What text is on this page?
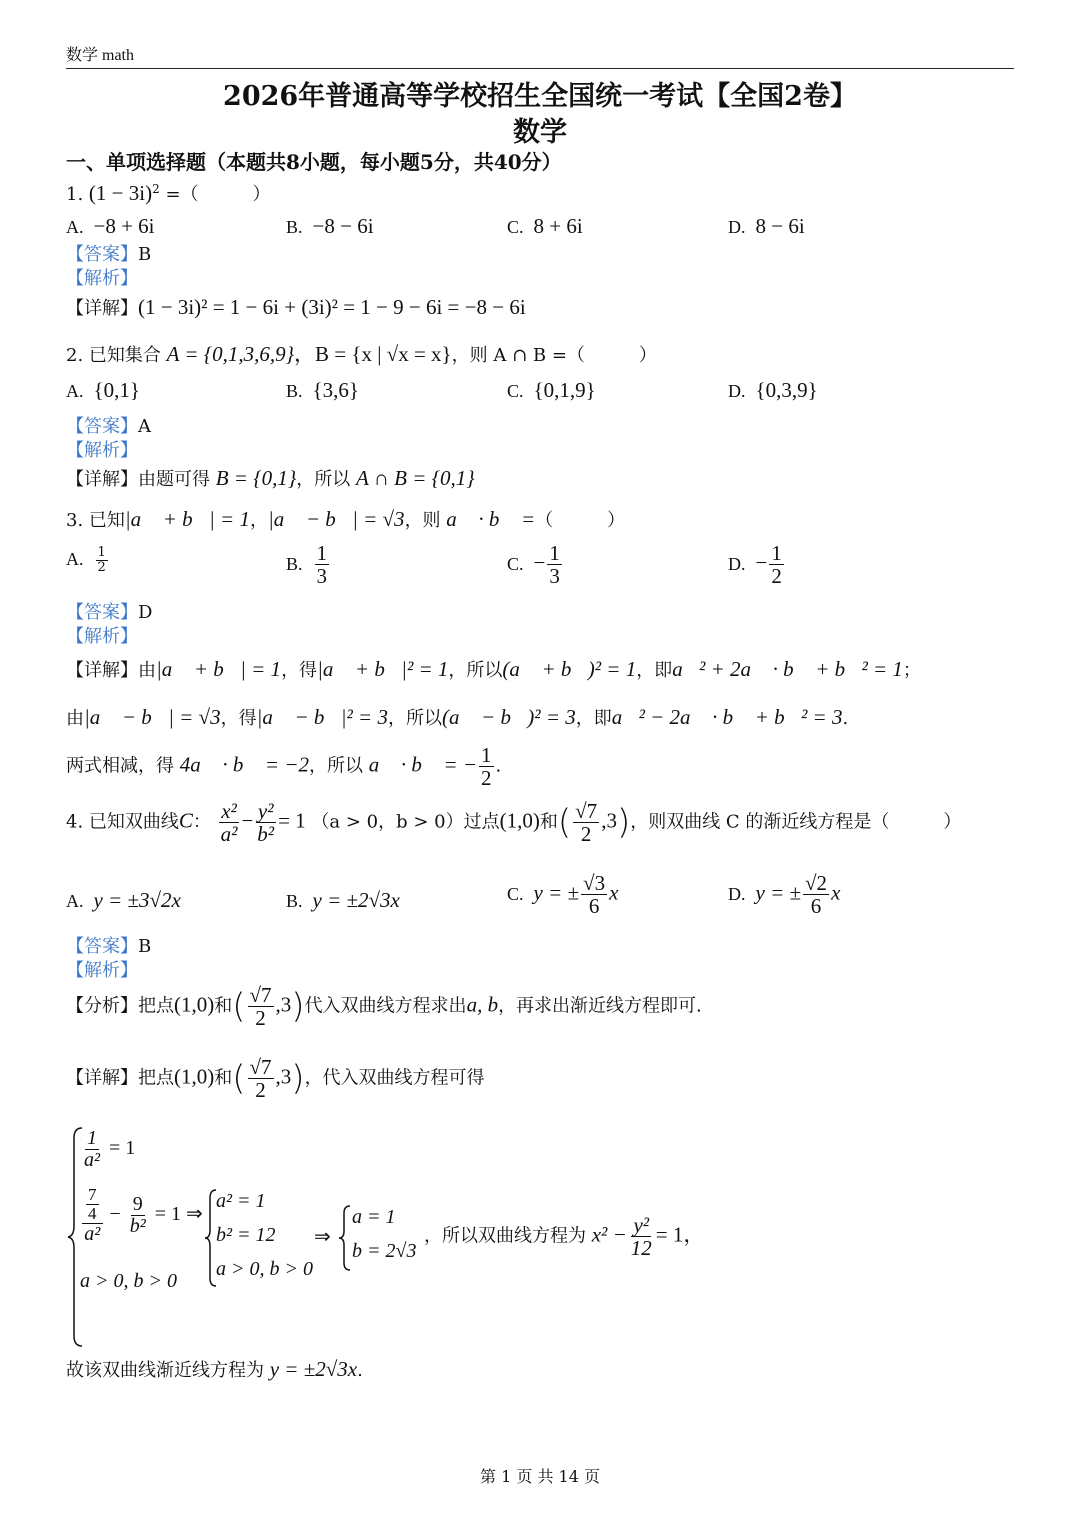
数学 math
2026年普通高等学校招生全国统一考试【全国2卷】
数学
一、单项选择题（本题共8小题，每小题5分，共40分）
1. $(1 - 3i)^2$ =（　　　）
A. −8 + 6i	B. −8 − 6i	C. 8 + 6i	D. 8 − 6i
【答案】B
【解析】
【详解】(1 − 3i)² = 1 − 6i + (3i)² = 1 − 9 − 6i = −8 − 6i
2. 已知集合 A = {0,1,3,6,9}，B = {x | √x = x}，则 A ∩ B =（　　　）
A. {0,1}	B. {3,6}	C. {0,1,9}	D. {0,3,9}
【答案】A
【解析】
【详解】由题可得 B = {0,1}，所以 A ∩ B = {0,1}
3. 已知|a⃗ + b⃗| = 1，|a⃗ − b⃗| = √3，则 a⃗ · b⃗ =（　　　）
A. $\frac{1}{2}$	B. $\frac{1}{3}$	C. − $\frac{1}{3}$	D. − $\frac{1}{2}$
【答案】D
【解析】
【详解】由|a⃗ + b⃗| = 1，得|a⃗ + b⃗|² = 1，所以(a⃗ + b⃗)² = 1，即a⃗² + 2a⃗ · b⃗ + b⃗² = 1；
由|a⃗ − b⃗| = √3，得|a⃗ − b⃗|² = 3，所以(a⃗ − b⃗)² = 3，即a⃗² − 2a⃗ · b⃗ + b⃗² = 3.
两式相减，得 4a⃗ · b⃗ = −2，所以 a⃗ · b⃗ = − $\frac{1}{2}$ .
4. 已知双曲线C： $\frac{\text{x²}}{\text{a²}} - \frac{\text{y²}}{\text{b²}} = 1$ （a > 0，b > 0）过点(1,0)和( $\frac{√7}{2} ,3$)，则双曲线 C 的渐近线方程是（　　　）
A. y = ±3√2x	B. y = ±2√3x	C. y = ± $\frac{√3}{6}$ x	D. y = ± $\frac{√2}{6}$ x
【答案】B
【解析】
【分析】把点(1,0)和( $\frac{√7}{2} ,3$)代入双曲线方程求出a, b，再求出渐近线方程即可.
【详解】把点(1,0)和( $\frac{√7}{2} ,3$)，代入双曲线方程可得
$\frac{1}{\text{a²}} = 1$
$\frac{\frac{7}{4}}{\text{a²}} - \frac{9}{\text{b²}} = 1$ ⇒
a > 0, b > 0
a² = 1
b² = 12
a > 0, b > 0
⇒
a = 1
b = 2√3
，所以双曲线方程为 $x^2 - \frac{\text{y²}}{12} = 1$，
故该双曲线渐近线方程为 y = ±2√3x.
第 1 页 共 14 页
